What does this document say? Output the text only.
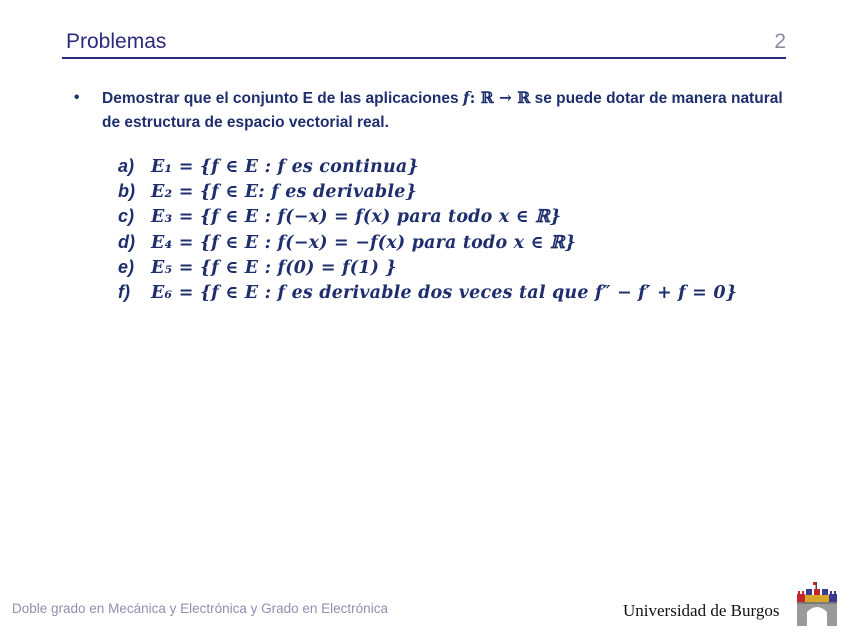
Problemas	2
• Demostrar que el conjunto E de las aplicaciones f: ℝ → ℝ se puede dotar de manera natural de estructura de espacio vectorial real.
a) E₁ = {f ∈ E : f es continua}
b) E₂ = {f ∈ E: f es derivable}
c) E₃ = {f ∈ E : f(−x) = f(x) para todo x ∈ ℝ}
d) E₄ = {f ∈ E : f(−x) = −f(x) para todo x ∈ ℝ}
e) E₅ = {f ∈ E : f(0) = f(1) }
f)	E₆ = {f ∈ E : f es derivable dos veces tal que f″ − f′ + f = 0}
Doble grado en Mecánica y Electrónica y Grado en Electrónica	Universidad de Burgos
